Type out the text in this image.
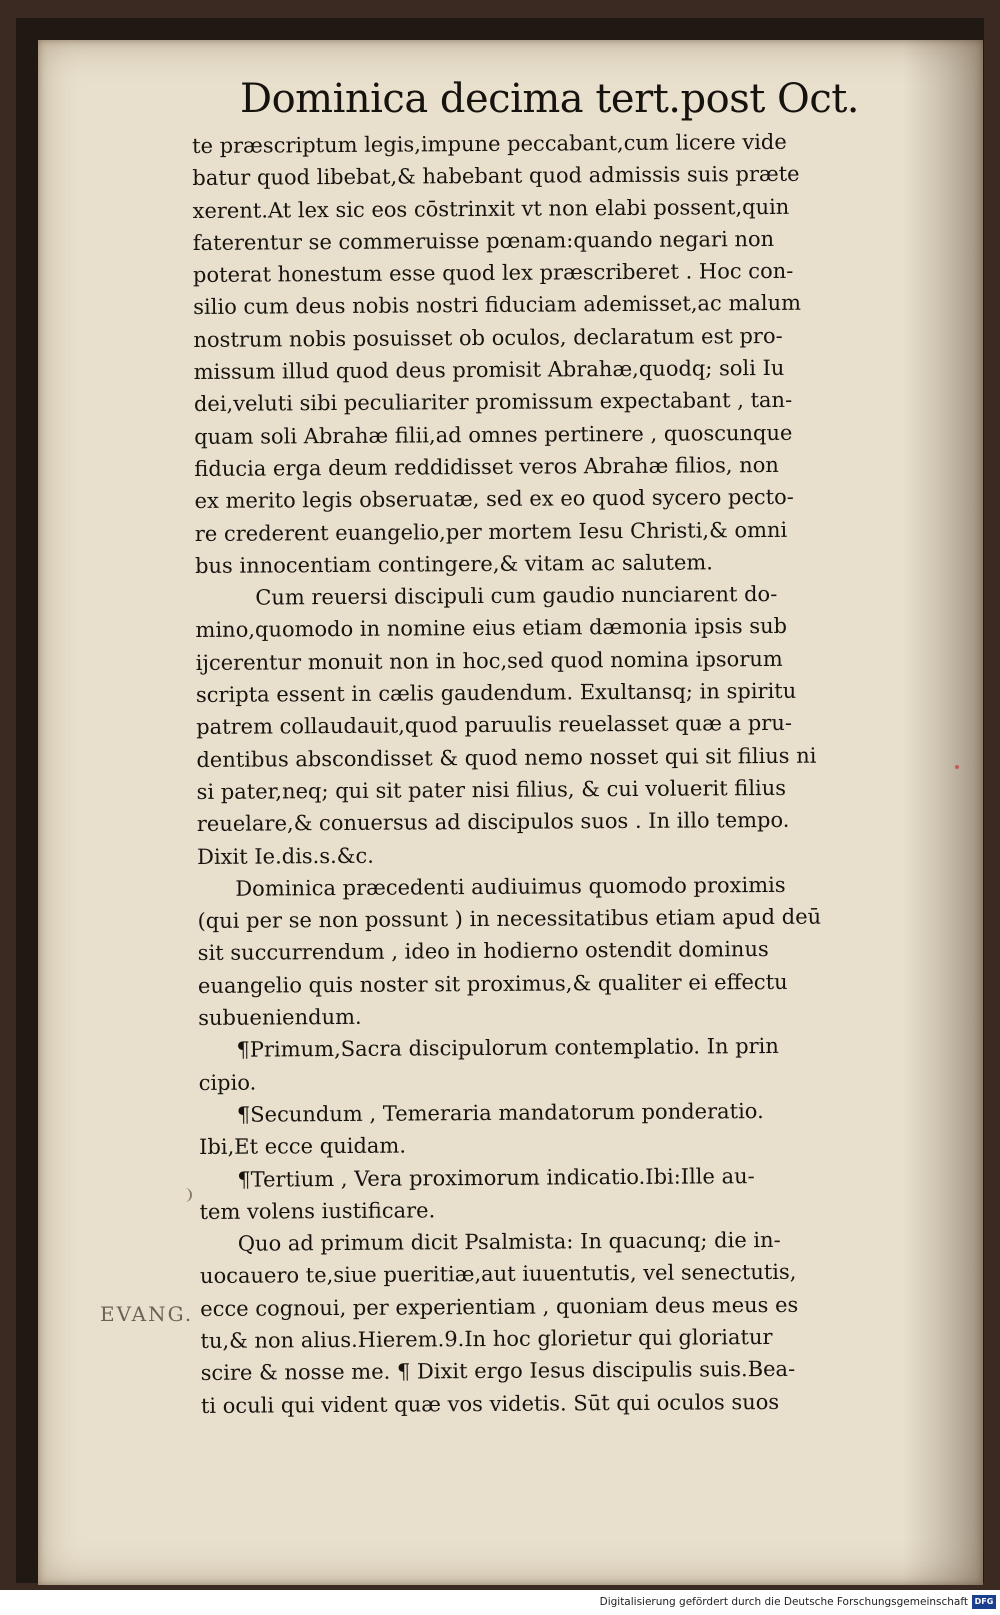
Dominica decima tert.post Oct.
te præscriptum legis,impune peccabant,cum licere vide
batur quod libebat,& habebant quod admissis suis præte
xerent.At lex sic eos cōstrinxit vt non elabi possent,quin
faterentur se commeruisse pœnam:quando negari non
poterat honestum esse quod lex præscriberet . Hoc con-
silio cum deus nobis nostri fiduciam ademisset,ac malum
nostrum nobis posuisset ob oculos, declaratum est pro-
missum illud quod deus promisit Abrahæ,quodq; soli Iu
dei,veluti sibi peculiariter promissum expectabant , tan-
quam soli Abrahæ filii,ad omnes pertinere , quoscunque
fiducia erga deum reddidisset veros Abrahæ filios, non
ex merito legis obseruatæ, sed ex eo quod sycero pecto-
re crederent euangelio,per mortem Iesu Christi,& omni
bus innocentiam contingere,& vitam ac salutem.
Cum reuersi discipuli cum gaudio nunciarent do-
mino,quomodo in nomine eius etiam dæmonia ipsis sub
ijcerentur monuit non in hoc,sed quod nomina ipsorum
scripta essent in cælis gaudendum. Exultansq; in spiritu
patrem collaudauit,quod paruulis reuelasset quæ a pru-
dentibus abscondisset & quod nemo nosset qui sit filius ni
si pater,neq; qui sit pater nisi filius, & cui voluerit filius
reuelare,& conuersus ad discipulos suos . In illo tempo.
Dixit Ie.dis.s.&c.
Dominica præcedenti audiuimus quomodo proximis
(qui per se non possunt ) in necessitatibus etiam apud deū
sit succurrendum , ideo in hodierno ostendit dominus
euangelio quis noster sit proximus,& qualiter ei effectu
subueniendum.
¶Primum,Sacra discipulorum contemplatio. In prin
cipio.
¶Secundum , Temeraria mandatorum ponderatio.
Ibi,Et ecce quidam.
¶Tertium , Vera proximorum indicatio.Ibi:Ille au-
tem volens iustificare.
Quo ad primum dicit Psalmista: In quacunq; die in-
uocauero te,siue pueritiæ,aut iuuentutis, vel senectutis,
ecce cognoui, per experientiam , quoniam deus meus es
tu,& non alius.Hierem.9.In hoc glorietur qui gloriatur
scire & nosse me. ¶ Dixit ergo Iesus discipulis suis.Bea-
ti oculi qui vident quæ vos videtis. Sūt qui oculos suos
EVANG.
Digitalisierung gefördert durch die Deutsche Forschungsgemeinschaft DFG
